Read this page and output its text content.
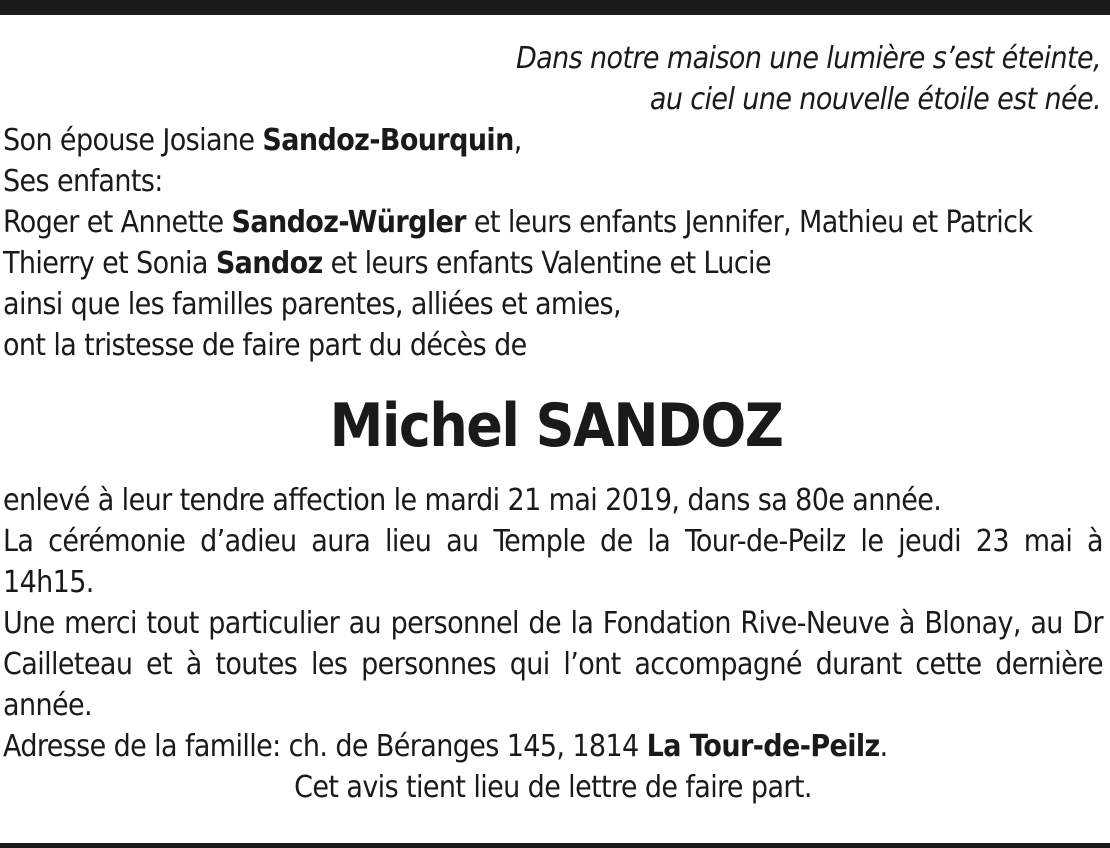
Dans notre maison une lumière s’est éteinte,
au ciel une nouvelle étoile est née.
Son épouse Josiane Sandoz-Bourquin,
Ses enfants:
Roger et Annette Sandoz-Würgler et leurs enfants Jennifer, Mathieu et Patrick
Thierry et Sonia Sandoz et leurs enfants Valentine et Lucie
ainsi que les familles parentes, alliées et amies,
ont la tristesse de faire part du décès de
Michel SANDOZ

enlevé à leur tendre affection le mardi 21 mai 2019, dans sa 80e année.

La cérémonie d’adieu aura lieu au Temple de la Tour-de-Peilz le jeudi 23 mai à 14h15.

Une merci tout particulier au personnel de la Fondation Rive-Neuve à Blonay, au Dr Cailleteau et à toutes les personnes qui l’ont accompagné durant cette dernière année.

Adresse de la famille: ch. de Béranges 145, 1814 La Tour-de-Peilz.

Cet avis tient lieu de lettre de faire part.
